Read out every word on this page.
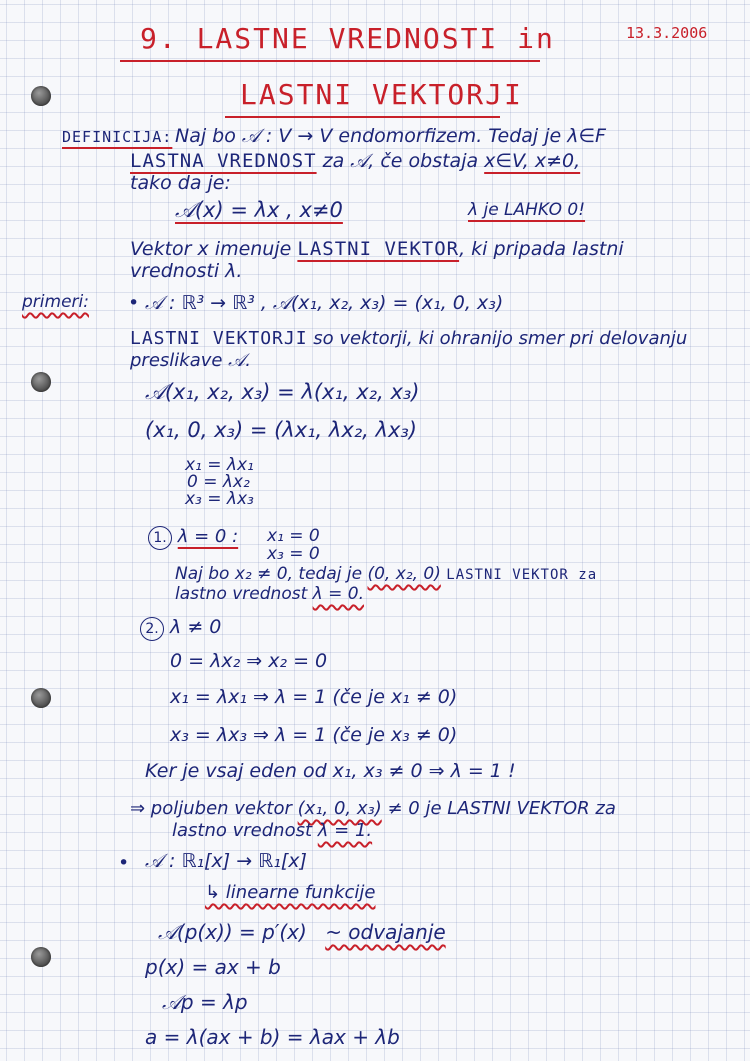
13.3.2006
9. LASTNE VREDNOSTI in
LASTNI VEKTORJI
DEFINICIJA: Naj bo 𝒜 : V → V endomorfizem. Tedaj je λ∈F
LASTNA VREDNOST za 𝒜, če obstaja x∈V, x≠0,
tako da je:
𝒜(x) = λx , x≠0	λ je LAHKO 0!
Vektor x imenuje LASTNI VEKTOR, ki pripada lastni
vrednosti λ.
primeri: • 𝒜 : ℝ³ → ℝ³ , 𝒜(x₁, x₂, x₃) = (x₁, 0, x₃)
LASTNI VEKTORJI so vektorji, ki ohranijo smer pri delovanju
preslikave 𝒜.
𝒜(x₁, x₂, x₃) = λ(x₁, x₂, x₃)
(x₁, 0, x₃) = (λx₁, λx₂, λx₃)
x₁ = λx₁
0 = λx₂
x₃ = λx₃
1. λ = 0 : x₁ = 0
x₃ = 0
Naj bo x₂ ≠ 0, tedaj je (0, x₂, 0) LASTNI VEKTOR za
lastno vrednost λ = 0.
2. λ ≠ 0
0 = λx₂ ⇒ x₂ = 0
x₁ = λx₁ ⇒ λ = 1 (če je x₁ ≠ 0)
x₃ = λx₃ ⇒ λ = 1 (če je x₃ ≠ 0)
Ker je vsaj eden od x₁, x₃ ≠ 0 ⇒ λ = 1 !
⇒ poljuben vektor (x₁, 0, x₃) ≠ 0 je LASTNI VEKTOR za
lastno vrednost λ = 1.
• 𝒜 : ℝ₁[x] → ℝ₁[x]
↳ linearne funkcije
𝒜(p(x)) = p′(x) ~ odvajanje
p(x) = ax + b
𝒜p = λp
a = λ(ax + b) = λax + λb
